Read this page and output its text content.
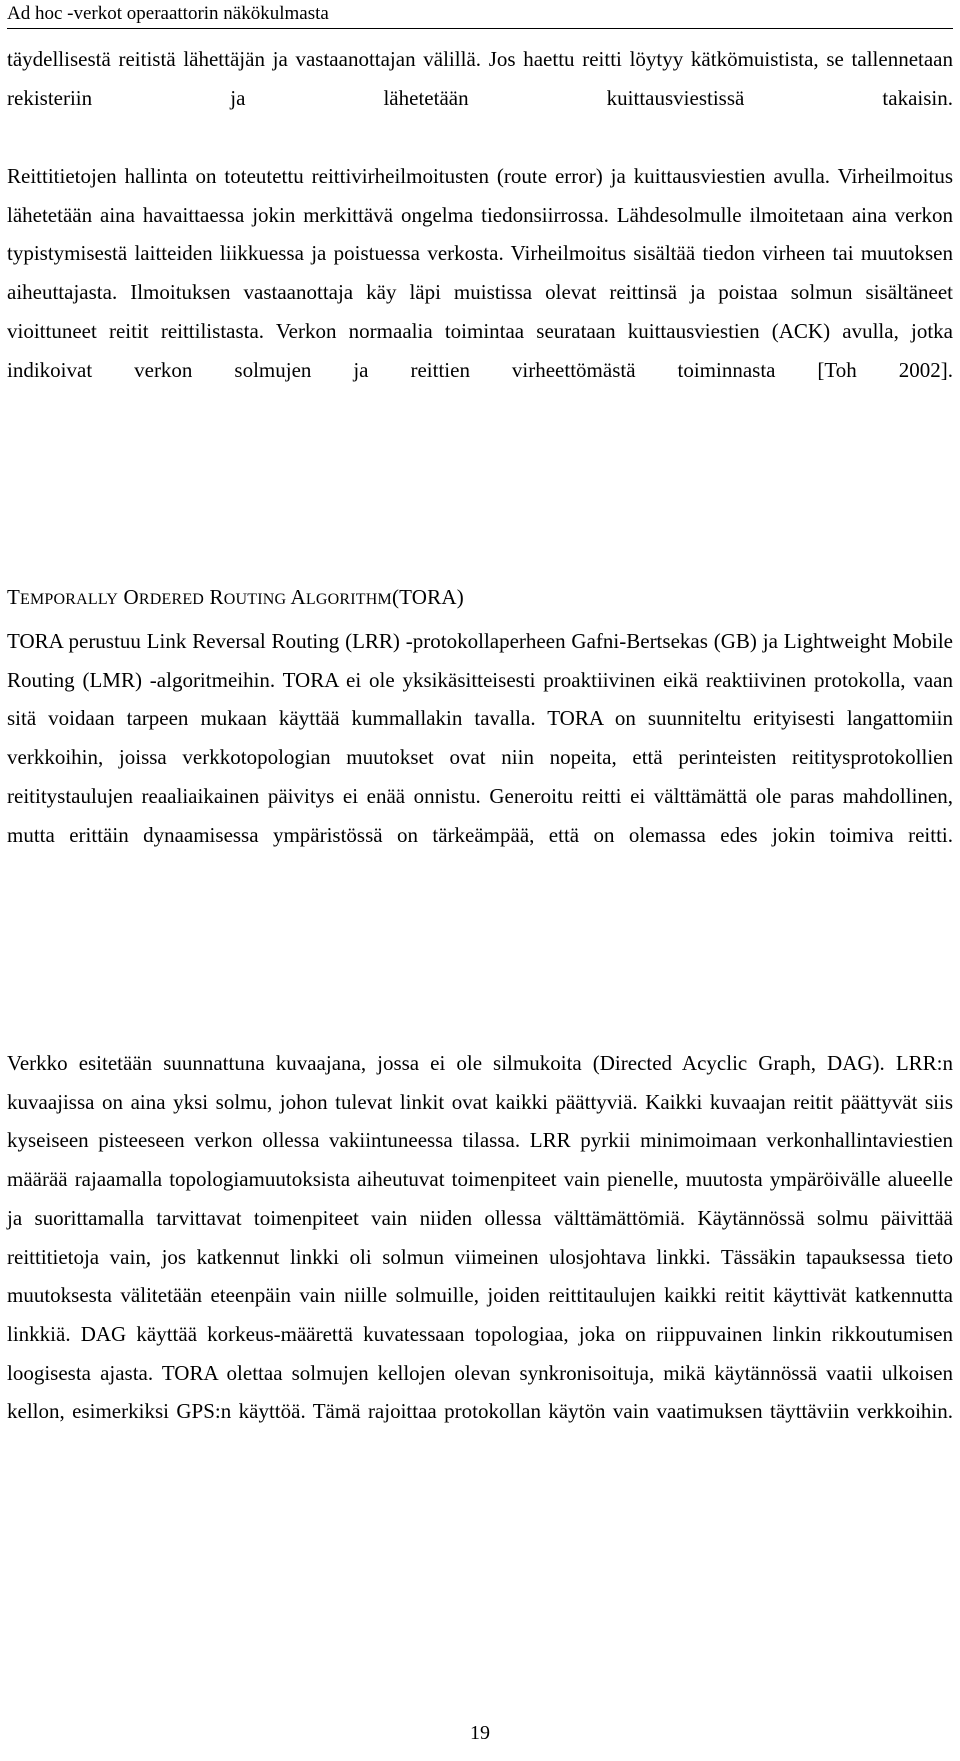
Ad hoc -verkot operaattorin näkökulmasta

täydellisestä reitistä lähettäjän ja vastaanottajan välillä. Jos haettu reitti löytyy kätkömuistista, se tallennetaan rekisteriin ja lähetetään kuittausviestissä takaisin.

Reittitietojen hallinta on toteutettu reittivirheilmoitusten (route error) ja kuittausviestien avulla. Virheilmoitus lähetetään aina havaittaessa jokin merkittävä ongelma tiedonsiirrossa. Lähdesolmulle ilmoitetaan aina verkon typistymisestä laitteiden liikkuessa ja poistuessa verkosta. Virheilmoitus sisältää tiedon virheen tai muutoksen aiheuttajasta. Ilmoituksen vastaanottaja käy läpi muistissa olevat reittinsä ja poistaa solmun sisältäneet vioittuneet reitit reittilistasta. Verkon normaalia toimintaa seurataan kuittausviestien (ACK) avulla, jotka indikoivat verkon solmujen ja reittien virheettömästä toiminnasta [Toh 2002].

TEMPORALLY ORDERED ROUTING ALGORITHM(TORA)

TORA perustuu Link Reversal Routing (LRR) -protokollaperheen Gafni-Bertsekas (GB) ja Lightweight Mobile Routing (LMR) -algoritmeihin. TORA ei ole yksikäsitteisesti proaktiivinen eikä reaktiivinen protokolla, vaan sitä voidaan tarpeen mukaan käyttää kummallakin tavalla. TORA on suunniteltu erityisesti langattomiin verkkoihin, joissa verkkotopologian muutokset ovat niin nopeita, että perinteisten reititysprotokollien reititystaulujen reaaliaikainen päivitys ei enää onnistu. Generoitu reitti ei välttämättä ole paras mahdollinen, mutta erittäin dynaamisessa ympäristössä on tärkeämpää, että on olemassa edes jokin toimiva reitti.

Verkko esitetään suunnattuna kuvaajana, jossa ei ole silmukoita (Directed Acyclic Graph, DAG). LRR:n kuvaajissa on aina yksi solmu, johon tulevat linkit ovat kaikki päättyviä. Kaikki kuvaajan reitit päättyvät siis kyseiseen pisteeseen verkon ollessa vakiintuneessa tilassa. LRR pyrkii minimoimaan verkonhallintaviestien määrää rajaamalla topologiamuutoksista aiheutuvat toimenpiteet vain pienelle, muutosta ympäröivälle alueelle ja suorittamalla tarvittavat toimenpiteet vain niiden ollessa välttämättömiä. Käytännössä solmu päivittää reittitietoja vain, jos katkennut linkki oli solmun viimeinen ulosjohtava linkki. Tässäkin tapauksessa tieto muutoksesta välitetään eteenpäin vain niille solmuille, joiden reittitaulujen kaikki reitit käyttivät katkennutta linkkiä. DAG käyttää korkeus-määrettä kuvatessaan topologiaa, joka on riippuvainen linkin rikkoutumisen loogisesta ajasta. TORA olettaa solmujen kellojen olevan synkronisoituja, mikä käytännössä vaatii ulkoisen kellon, esimerkiksi GPS:n käyttöä. Tämä rajoittaa protokollan käytön vain vaatimuksen täyttäviin verkkoihin.

19
